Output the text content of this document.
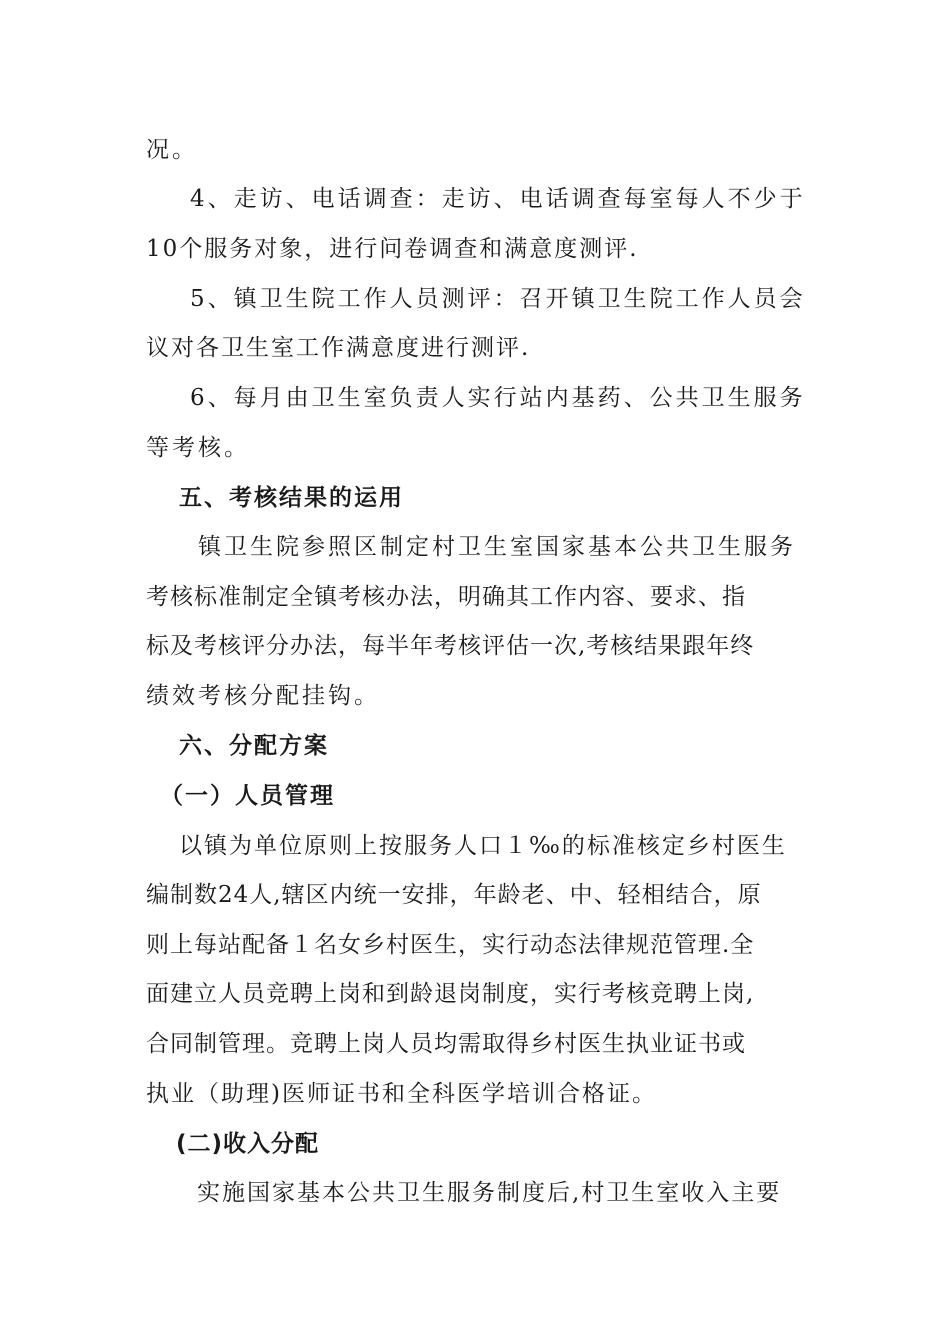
况。
4、走访、电话调查：走访、电话调查每室每人不少于
10个服务对象，进行问卷调查和满意度测评.
5、镇卫生院工作人员测评：召开镇卫生院工作人员会
议对各卫生室工作满意度进行测评.
6、每月由卫生室负责人实行站内基药、公共卫生服务
等考核。
五、考核结果的运用
镇卫生院参照区制定村卫生室国家基本公共卫生服务
考核标准制定全镇考核办法，明确其工作内容、要求、指
标及考核评分办法，每半年考核评估一次,考核结果跟年终
绩效考核分配挂钩。
六、分配方案
（一）人员管理
以镇为单位原则上按服务人口１‰的标准核定乡村医生
编制数24人,辖区内统一安排，年龄老、中、轻相结合，原
则上每站配备１名女乡村医生，实行动态法律规范管理.全
面建立人员竞聘上岗和到龄退岗制度，实行考核竞聘上岗,
合同制管理。竞聘上岗人员均需取得乡村医生执业证书或
执业（助理)医师证书和全科医学培训合格证。
(二)收入分配
实施国家基本公共卫生服务制度后,村卫生室收入主要
